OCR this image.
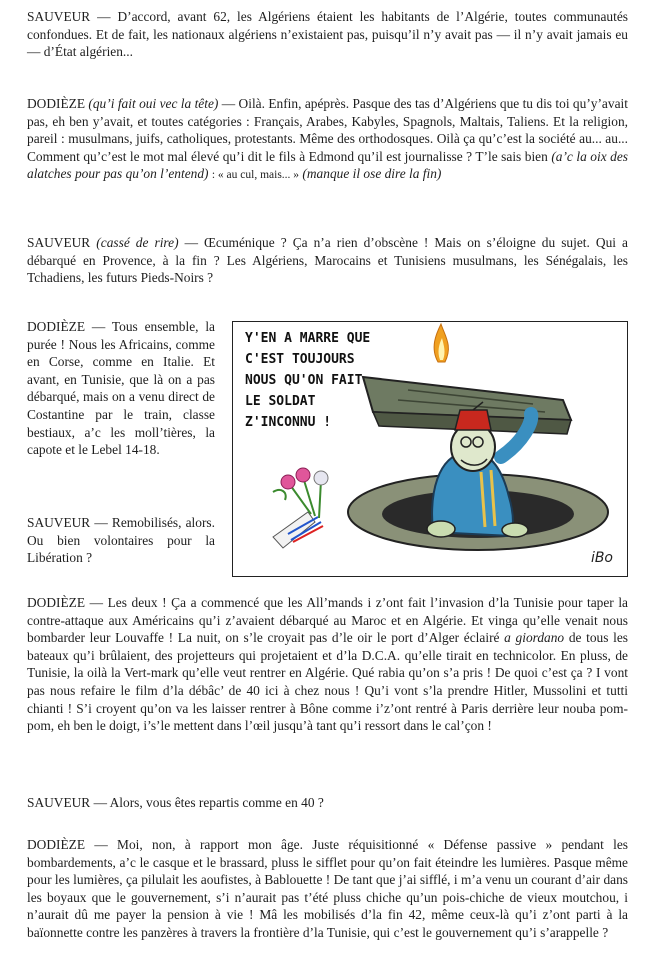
SAUVEUR — D’accord, avant 62, les Algériens étaient les habitants de l’Algérie, toutes communautés confondues. Et de fait, les nationaux algériens n’existaient pas, puisqu’il n’y avait pas — il n’y avait jamais eu — d’État algérien...

DODIÈZE (qu’i fait oui vec la tête) — Oilà. Enfin, apéprès. Pasque des tas d’Algériens que tu dis toi qu’y’avait pas, eh ben y’avait, et toutes catégories : Français, Arabes, Kabyles, Spagnols, Maltais, Taliens. Et la religion, pareil : musulmans, juifs, catholiques, protestants. Même des orthodosques. Oilà ça qu’c’est la société au... au... Comment qu’c’est le mot mal élevé qu’i dit le fils à Edmond qu’il est journalisse ? T’le sais bien (a’c la oix des alatches pour pas qu’on l’entend) : « au cul, mais... » (manque il ose dire la fin)

SAUVEUR (cassé de rire) — Œcuménique ? Ça n’a rien d’obscène ! Mais on s’éloigne du sujet. Qui a débarqué en Provence, à la fin ? Les Algériens, Marocains et Tunisiens musulmans, les Sénégalais, les Tchadiens, les futurs Pieds-Noirs ?

DODIÈZE — Tous ensemble, la purée ! Nous les Africains, comme en Corse, comme en Italie. Et avant, en Tunisie, que là on a pas débarqué, mais on a venu direct de Costantine par le train, classe bestiaux, a’c les moll’tières, la capote et le Lebel 14-18.

SAUVEUR — Remobilisés, alors. Ou bien volontaires pour la Libération ?

Y'EN A MARRE QUE
C'EST TOUJOURS
NOUS QU'ON FAIT
LE SOLDAT
Z'INCONNU !
iBo

DODIÈZE — Les deux ! Ça a commencé que les All’mands i z’ont fait l’invasion d’la Tunisie pour taper la contre-attaque aux Américains qu’i z’avaient débarqué au Maroc et en Algérie. Et vinga qu’elle venait nous bombarder leur Louvaffe ! La nuit, on s’le croyait pas d’le oir le port d’Alger éclairé a giordano de tous les bateaux qu’i brûlaient, des projetteurs qui projetaient et d’la D.C.A. qu’elle tirait en technicolor. En pluss, de Tunisie, la oilà la Vert-mark qu’elle veut rentrer en Algérie. Qué rabia qu’on s’a pris ! De quoi c’est ça ? I vont pas nous refaire le film d’la débâc’ de 40 ici à chez nous ! Qu’i vont s’la prendre Hitler, Mussolini et tutti chianti ! S’i croyent qu’on va les laisser rentrer à Bône comme i’z’ont rentré à Paris derrière leur nouba pom-pom, eh ben le doigt, i’s’le mettent dans l’œil jusqu’à tant qu’i ressort dans le cal’çon !

SAUVEUR — Alors, vous êtes repartis comme en 40 ?

DODIÈZE — Moi, non, à rapport mon âge. Juste réquisitionné « Défense passive » pendant les bombardements, a’c le casque et le brassard, pluss le sifflet pour qu’on fait éteindre les lumières. Pasque même pour les lumières, ça pilulait les aoufistes, à Bablouette ! De tant que j’ai sifflé, i m’a venu un courant d’air dans les boyaux que le gouvernement, s’i n’aurait pas t’été pluss chiche qu’un pois-chiche de vieux moutchou, i n’aurait dû me payer la pension à vie ! Mâ les mobilisés d’la fin 42, même ceux-là qu’i z’ont parti à la baïonnette contre les panzères à travers la frontière d’la Tunisie, qui c’est le gouvernement qu’i s’arappelle ?
